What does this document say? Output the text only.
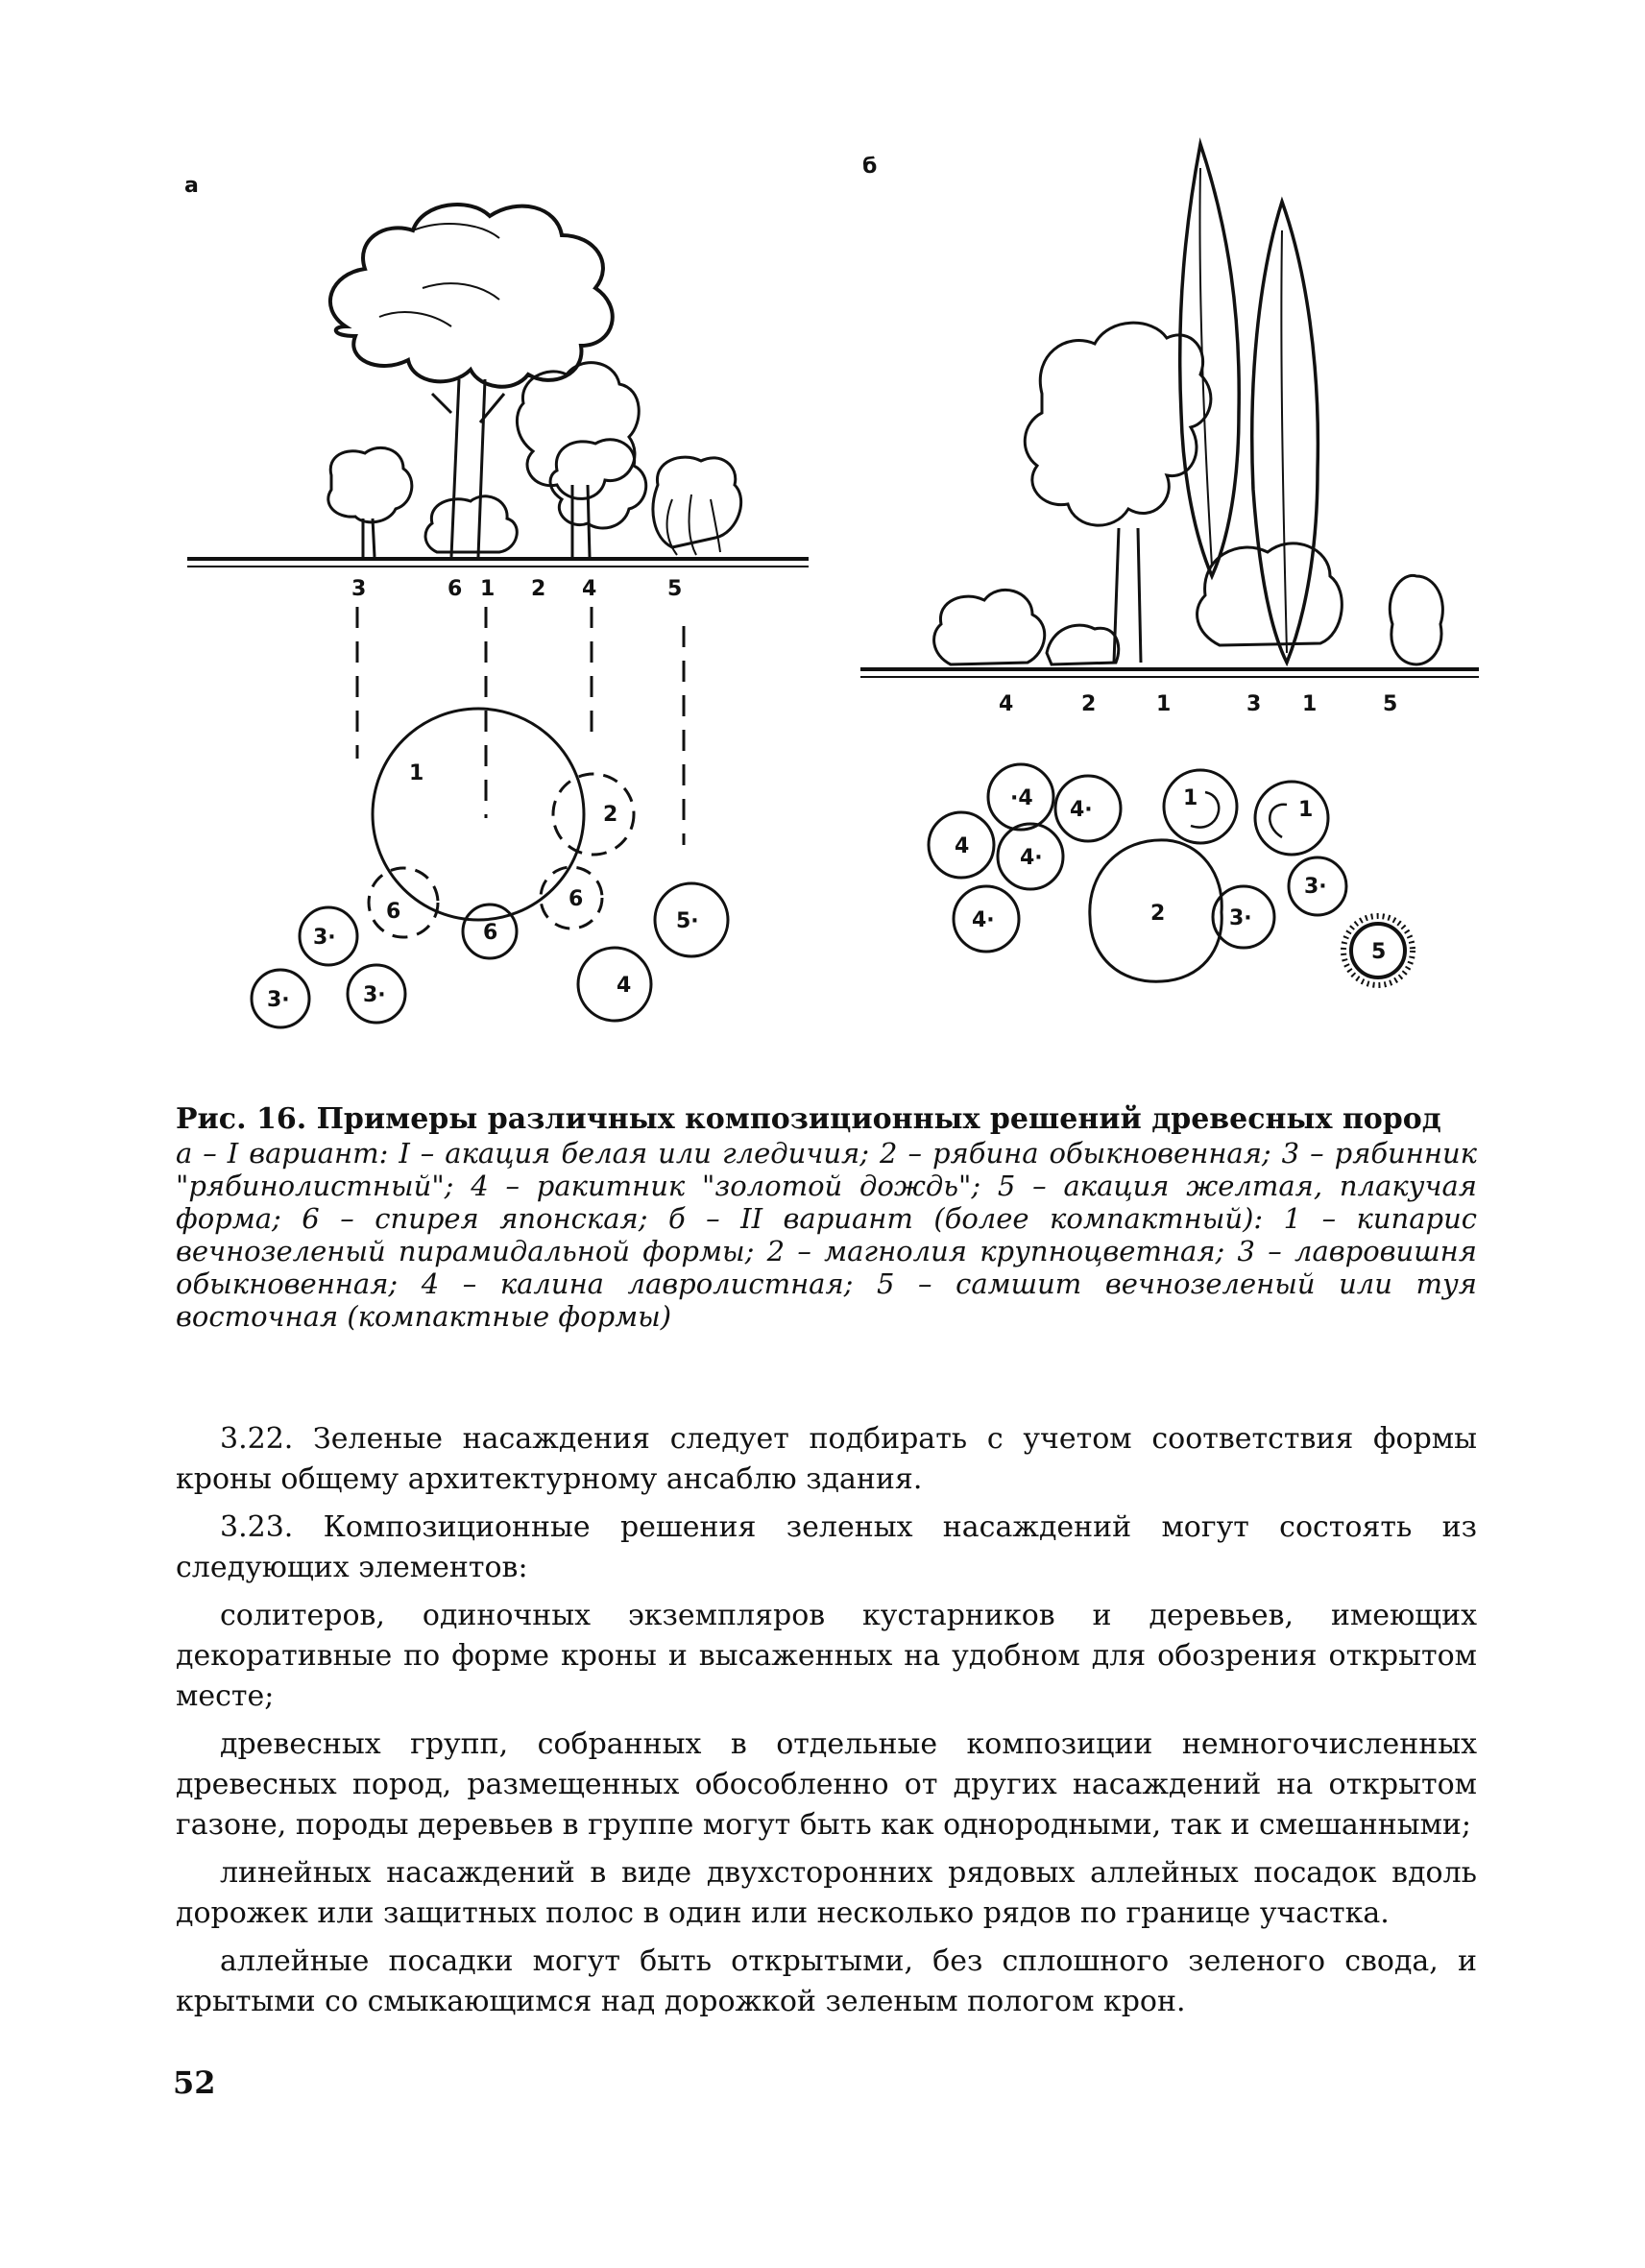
а
3	6 1 2 4	5
1
2
3·
3·	3·
6
6
6
4
5·
б
4	2	1	3 1	5
·4 4·
4 4·
4·
1	1
3·
2	3·
5
Рис. 16. Примеры различных композиционных решений древесных пород
а – I вариант: I – акация белая или гледичия; 2 – рябина обыкновенная; 3 – рябинник "рябинолистный"; 4 – ракитник "золотой дождь"; 5 – акация желтая, плакучая форма; 6 – спирея японская; б – II вариант (более компактный): 1 – кипарис вечнозеленый пирамидальной формы; 2 – магнолия крупноцветная; 3 – лавровишня обыкновенная; 4 – калина лавролистная; 5 – самшит вечнозеленый или туя восточная (компактные формы)

3.22. Зеленые насаждения следует подбирать с учетом соответствия формы кроны общему архитектурному ансаблю здания.

3.23. Композиционные решения зеленых насаждений могут состоять из следующих элементов:

солитеров, одиночных экземпляров кустарников и деревьев, имеющих декоративные по форме кроны и высаженных на удобном для обозрения открытом месте;

древесных групп, собранных в отдельные композиции немногочисленных древесных пород, размещенных обособленно от других насаждений на открытом газоне, породы деревьев в группе могут быть как однородными, так и смешанными;

линейных насаждений в виде двухсторонних рядовых аллейных посадок вдоль дорожек или защитных полос в один или несколько рядов по границе участка.

аллейные посадки могут быть открытыми, без сплошного зеленого свода, и крытыми со смыкающимся над дорожкой зеленым пологом крон.

52
